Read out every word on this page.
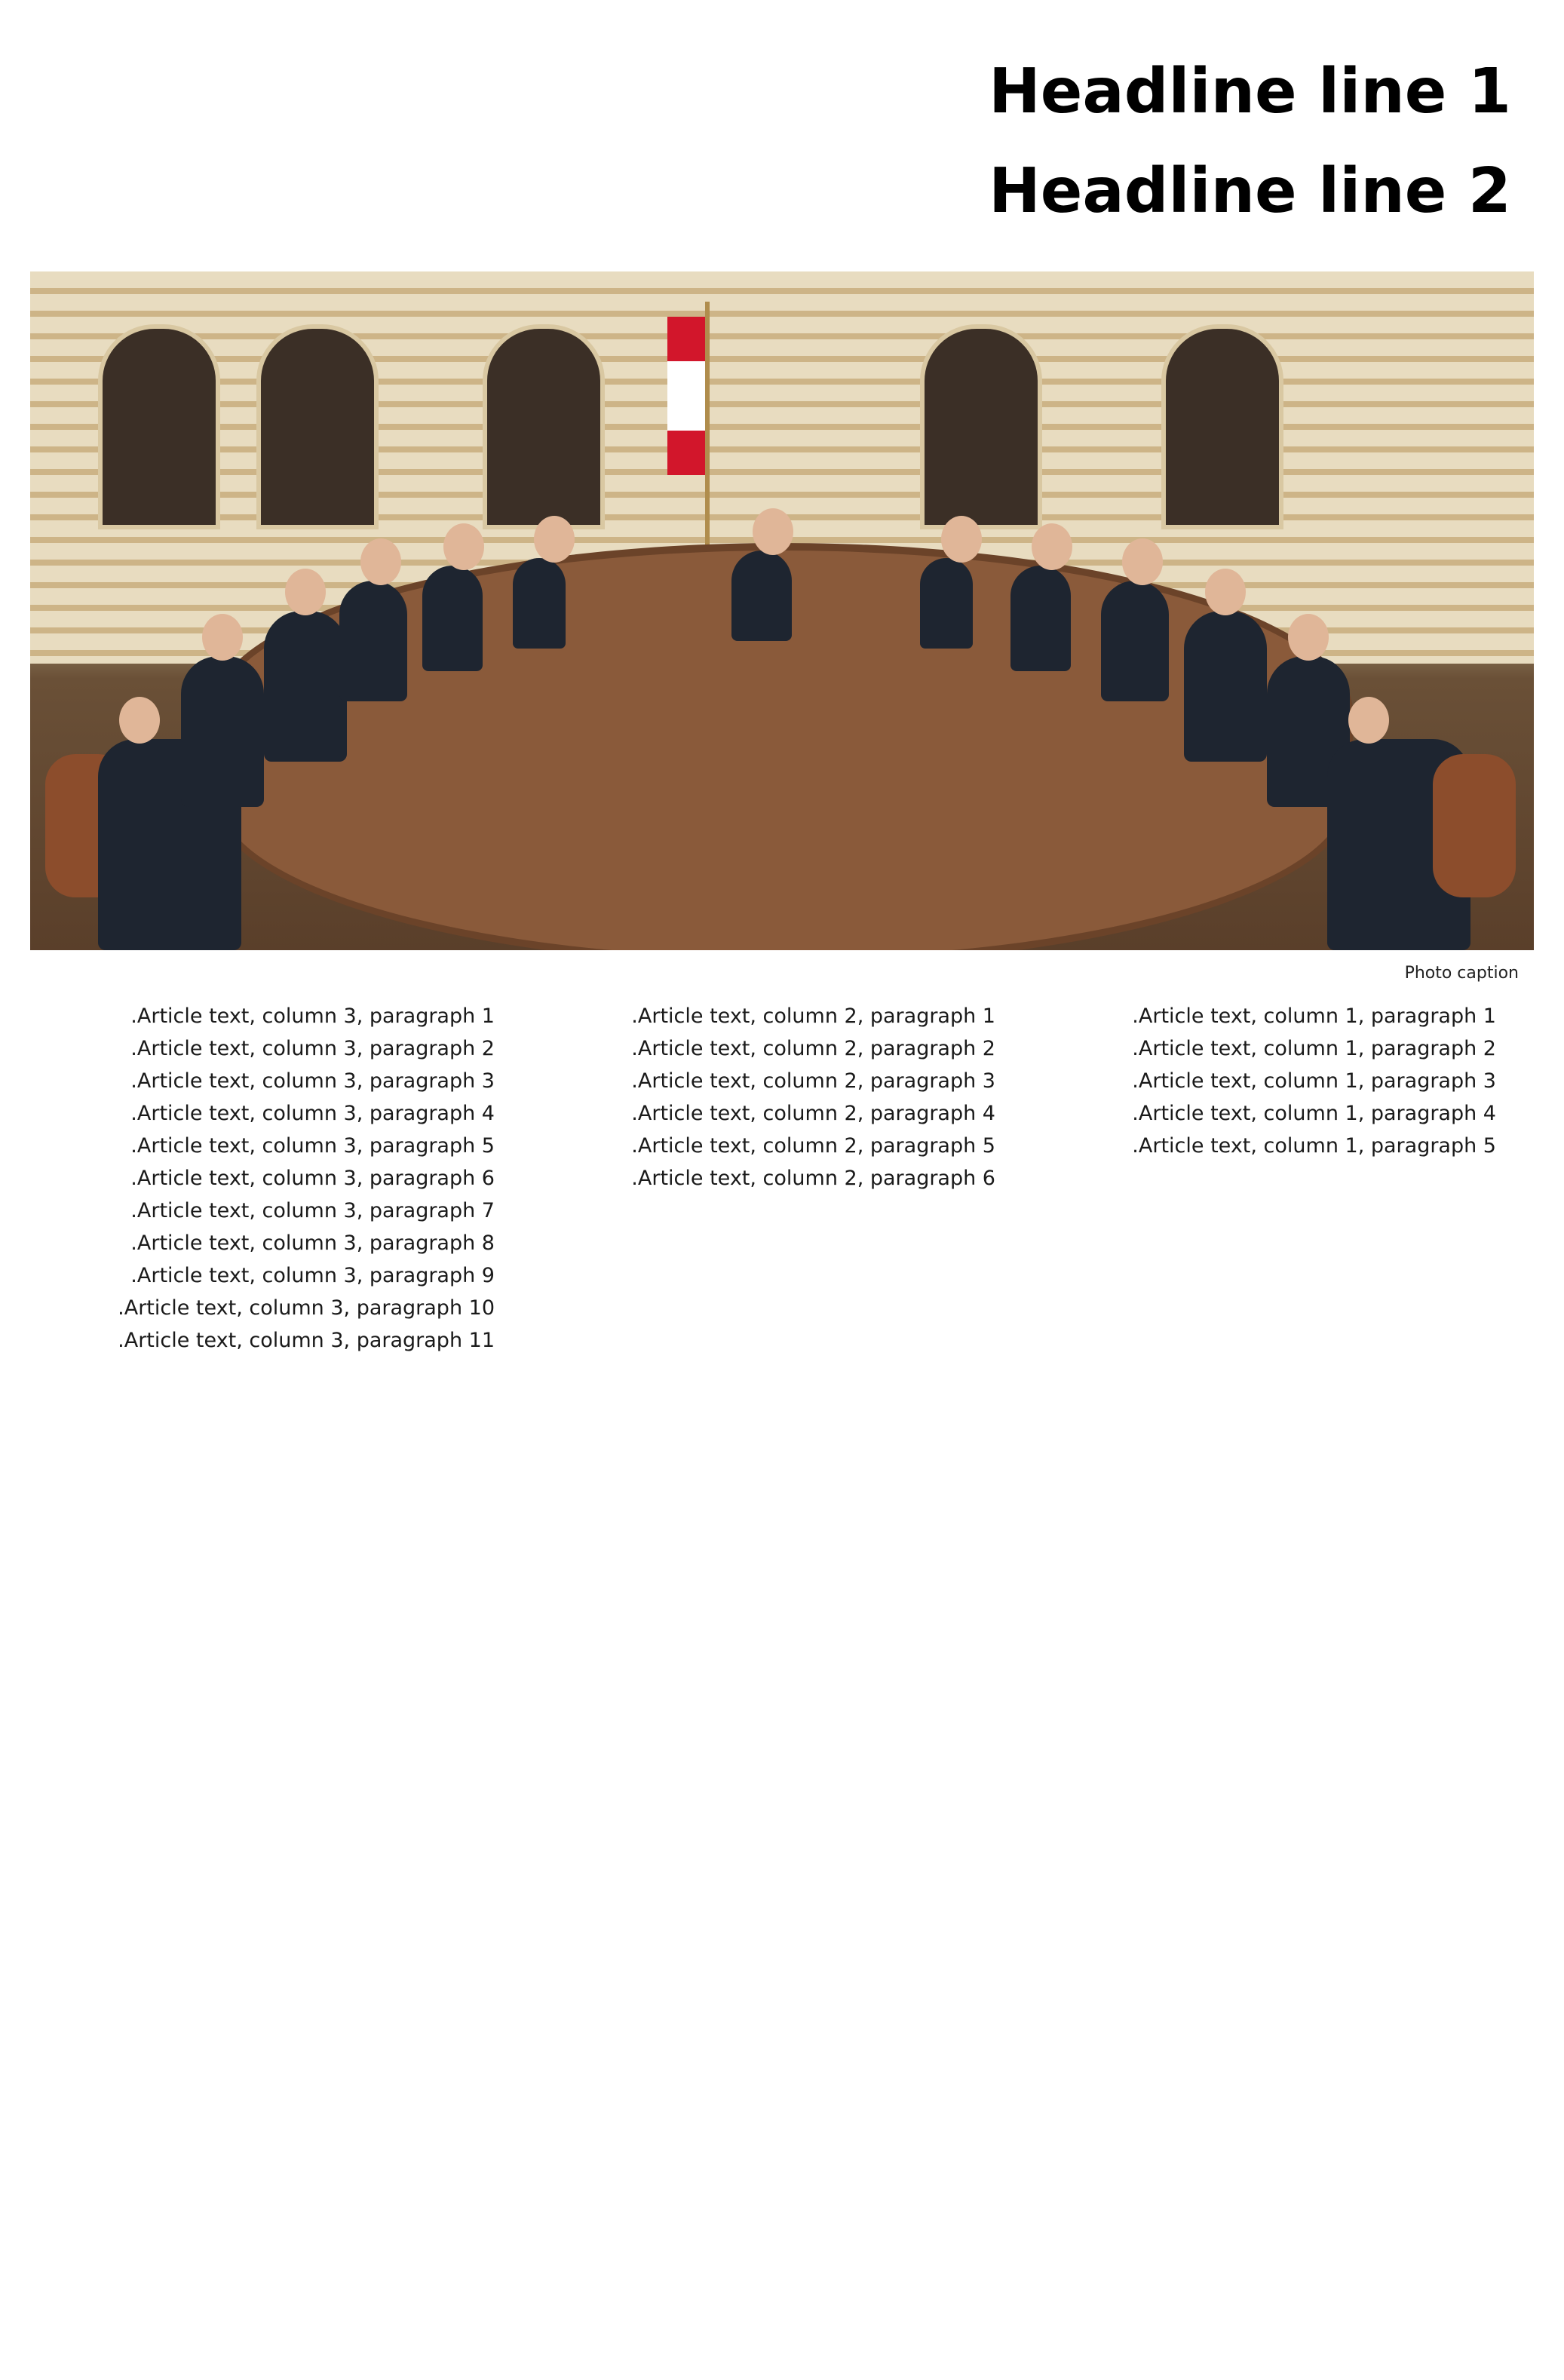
Headline line 1
Headline line 2
Photo caption

Article text, column 1, paragraph 1.

Article text, column 1, paragraph 2.

Article text, column 1, paragraph 3.

Article text, column 1, paragraph 4.

Article text, column 1, paragraph 5.

Article text, column 2, paragraph 1.

Article text, column 2, paragraph 2.

Article text, column 2, paragraph 3.

Article text, column 2, paragraph 4.

Article text, column 2, paragraph 5.

Article text, column 2, paragraph 6.

Article text, column 3, paragraph 1.

Article text, column 3, paragraph 2.

Article text, column 3, paragraph 3.

Article text, column 3, paragraph 4.

Article text, column 3, paragraph 5.

Article text, column 3, paragraph 6.

Article text, column 3, paragraph 7.

Article text, column 3, paragraph 8.

Article text, column 3, paragraph 9.

Article text, column 3, paragraph 10.

Article text, column 3, paragraph 11.
